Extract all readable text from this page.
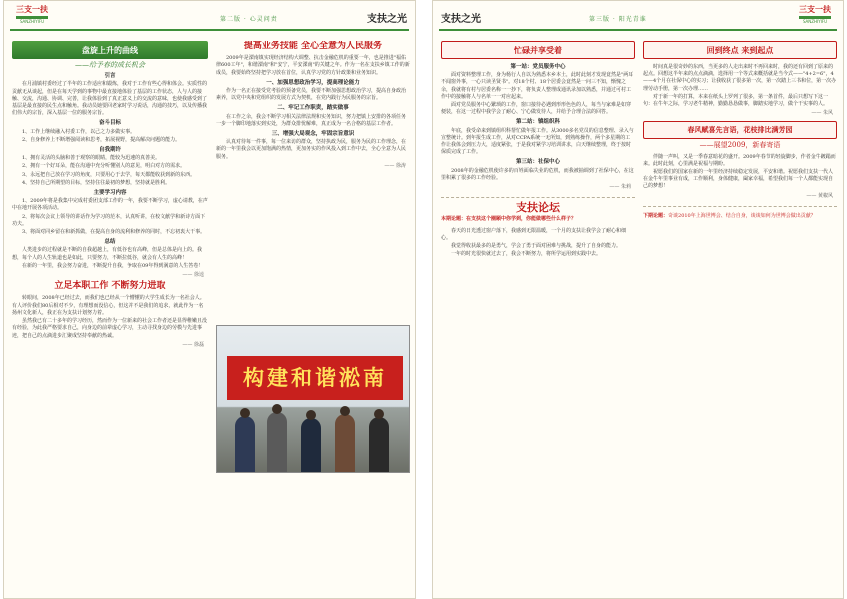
三支一扶
SANZHIYIFU	第二版 · 心灵问责	支扶之光
盘旋上升的曲线
——给予春的成长机会
引言

在月浦镇村委经过了半年的工作适应和锻炼，我对于工作有些心得和体会。实质性的贡献无从谈起，但是在每天学到的事物中最直接地体验了基层的工作状态，人与人的接触、交流，沟通、协调、完善，让我体验到了真正意义上的交流的意味，也使我感受到了基层是最直接的民生点和触角。我动员她要回老家时学习说话，沟通的技巧，以及传播我们伟大的宗旨，深入基层一位的服务宗旨。

奋斗目标

1、工作上继续融入村委工作，以己之力多做实事。

2、自身修养上不断增强阅读和思考，拓展视野，提高解决问题的能力。

自我期许

1、拥有灵活的头脑和善于观察的眼睛，能较为迅速的真善美。

2、拥有一个好耳朵，能在沟通中充分听懂别人的意见，明白对方的需求。

3、永远把自己放在学习的角度，只要用心于去学，每天都能收获到新的东西。

4、坚持自己所期望的目标，坚持住往最初的梦想，坚持就是胜利。

主要学习内容

1、2009年将是我集中完成村委团支部工作的一年，我要不断学习，虚心请教，在声中在地开展各项活动。

2、将每次会议上领导的讲话作为学习的范本，认真听讲，在校文献学和新诗方面下功夫。

3、将面对同乡留在和新抓做，在提高自身的流利和修养的同时，不忘初衷大干事。

总结

人类进步的过程就是不断的自我超越上，有低谷也有高峰，但是总体是向上的。我想，每个人的人生轨道也是如此，只要努力，不断拉低谷，就会有人生的高峰！

在新的一年里，我会努力奋进，不断提升自我，争取在09年得到满意的人生答卷！

—— 徐逵
立足本职工作 不断努力进取

转眼间，2008年已经过去，而我们也已经从一个懵懂的大学生成长为一名社会人。有人评价我们80后相对不少，有理想而没信心，但这并不是我们的追求，就此作为一名扬州文化新人，我正在为支扶计划努力着。

虽然我已有二十多年的学习经历，然而作为一位新来的社会工作者还是显得稚嫩且没有经验，为此我严格要求自己，向身边的前辈虚心学习，主动寻找身边的劳模与先进事迹，把自己的点滴进步汇聚成坚持奉献的热诚。

—— 徐磊
提高业务技能 全心全意为人民服务

2009年是溧南镇实现经济结构大调整、抗击金融危机的重要一年，也是推进"福佑律600工年"，和谐溧南"和"安宁，平安溧南"的关键之年。作为一名在支扶乡镇工作的新成员，我要始终坚持把学习放在首位，认真学习党的方针政策和业务知识。

一、加强思想政治学习，提高理论能力

作为一名正在接受党考验的预备党员，我要不断加强思想政治学习，提高自身政治素养，以党中央和党组织的发展方式为契机，在党内践行为民服务的宗旨。

二、牢记工作职责，踏实做事

在工作之余，我会不断学习相关法律法规和实务知识，努力把镇上安排的各项任务一步一个脚印地落实到实处，为群众排忧解难，真正成为一名合格的基层工作者。

三、增强大局观念，牢固宗旨意识

认真对待每一件事，每一位来访的群众，坚持执政为民，服务为民的工作理念，在新的一年里我会以更加饱满的热情，更加务实的作风投入到工作中去，全心全意为人民服务。

—— 徐涛
构建和谐淞南
支扶之光	第三版 · 阳光青谁
三支一扶
SANZHIYIFU
忙碌并享受着
第一站：党员服务中心

面对资料整理工作，身为杨行人自以为熟悉本乡本土，此时此刻才发现竟然是"两耳不闻窗外事，一心只读圣贤书"。对18个村、18个居委会竟然是一问三不知，惭愧之余，我就将有村与居委名称一一抄下，将负责人整理成通讯录加以熟悉，并通过可村工作中的接触将人与名单一一对应起来。

面对党员服务中心繁琐的工作，窗口接待必遇到形形色色的人，每当与家难是如穿便装，在这一过程中我学会了耐心、宁心做发待人，并给予合理合法的回答。

第二站：镇组织科

年底，我受命来到镇组织科帮忙做年报工作。从3000多名党员的信息整理、录入与宣整统计。到年报生成工作，从对CCPA系统一无所知，到熟练操作，两个多星期的工作让我体会到压力大，适度紧张，于是我对紧学习培训讲求，白天继续整理，终于按时保质完成了工作。

第三站：社保中心

2008年的金融危机使许多的百姓面临失业的危机，而我被抽调到了社保中心，在这里积累了很多的工作经验。

—— 朱莉
支扶论坛
本期论题：在支扶这个圈颐中你学到，你能做哪些什么样子？

春天的日光透过窗户落下，我感到无限温暖，一个月的支扶让我学会了耐心和细心。

我觉得收获最多的是勇气，学会了勇于面对困难与挑战，提升了自身的能力。

一年的时光很快就过去了，我会不断努力，将所学运用到实践中去。

回到终点 来到起点

时间真是很奇妙的东西，当更多的人走出来时不再回来时，我的还有回到了原来的起点。回想这半年来的点点滴滴，选择用一个等式来概括就是当今式——"4+2=6"，4——4个月在社保中心的实习；让我收获了很多第一次，第一次踏上三书和位，第一次办理劳动手册，第一次办理……

对于新一年的打算，本来在纸头上罗列了很多，第一条首件，最后只想写下这一句：在牛年之际，学习老牛精神，勤勤恳恳做事，脚踏实地学习，做个干实事的人。

—— 朱风
春风赋喜先言语，花枝排比满芳园
——展望2009，新春寄语

伴随一声叫，又是一季春意暗花的盛开。2009年春节的轻旋脚步，作者金牛踱蹋而来。此时此刻，心里满是祝福与期盼。

祝愿我们的国家在新的一年里经济持续稳定发展，平安和谐。祝愿我们支扶一代人在金牛年里事业有成，工作顺利，身体健康，阖家幸福，希望我们每一个人都能实现自己的梦想！

—— 黄椒风

下期论题：奇谈2010年上海世博会、结合自身，谈谈如何为世博会做出贡献？
